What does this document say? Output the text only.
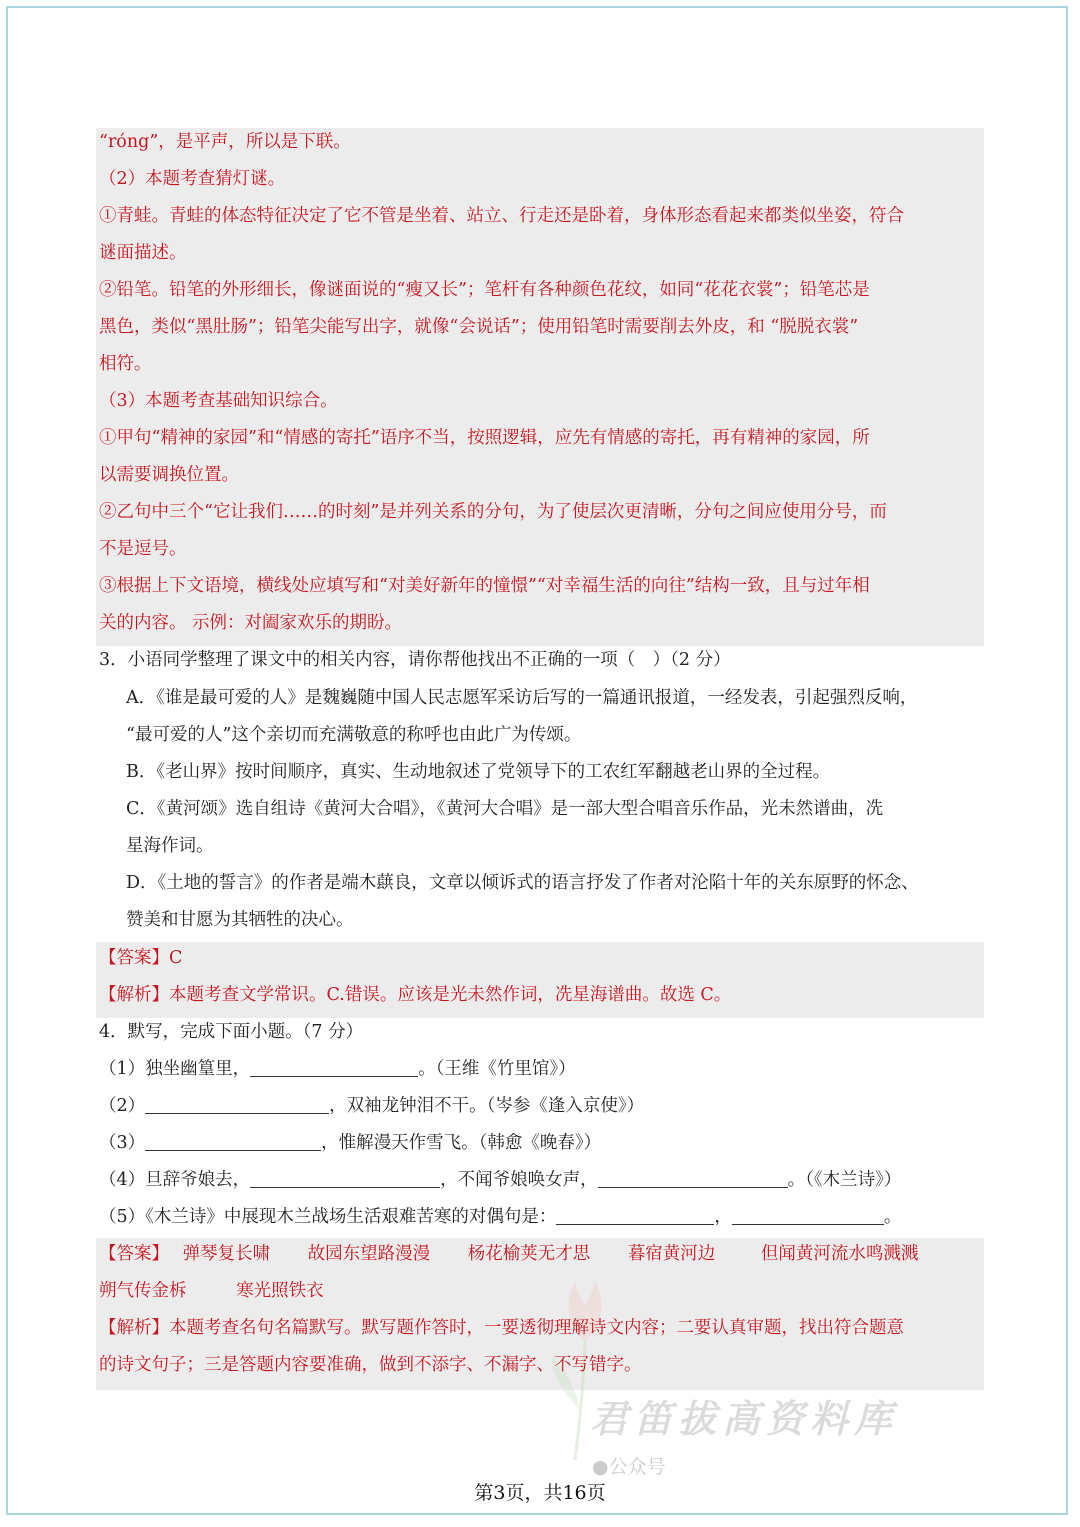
“róng”，是平声，所以是下联。
（2）本题考查猜灯谜。
①青蛙。青蛙的体态特征决定了它不管是坐着、站立、行走还是卧着，身体形态看起来都类似坐姿，符合
谜面描述。
②铅笔。铅笔的外形细长，像谜面说的“瘦又长”；笔杆有各种颜色花纹，如同“花花衣裳”；铅笔芯是
黑色，类似“黑肚肠”；铅笔尖能写出字，就像“会说话”；使用铅笔时需要削去外皮，和 “脱脱衣裳”
相符。
（3）本题考查基础知识综合。
①甲句“精神的家园”和“情感的寄托”语序不当，按照逻辑，应先有情感的寄托，再有精神的家园，所
以需要调换位置。
②乙句中三个“它让我们……的时刻”是并列关系的分句，为了使层次更清晰，分句之间应使用分号，而
不是逗号。
③根据上下文语境，横线处应填写和“对美好新年的憧憬”“对幸福生活的向往”结构一致，且与过年相
关的内容。 示例：对阖家欢乐的期盼。
3．小语同学整理了课文中的相关内容，请你帮他找出不正确的一项（　）（2 分）
A．《谁是最可爱的人》是魏巍随中国人民志愿军采访后写的一篇通讯报道，一经发表，引起强烈反响，
“最可爱的人”这个亲切而充满敬意的称呼也由此广为传颂。
B．《老山界》按时间顺序，真实、生动地叙述了党领导下的工农红军翻越老山界的全过程。
C．《黄河颂》选自组诗《黄河大合唱》，《黄河大合唱》是一部大型合唱音乐作品，光未然谱曲，冼
星海作词。
D．《土地的誓言》的作者是端木蕻良，文章以倾诉式的语言抒发了作者对沦陷十年的关东原野的怀念、
赞美和甘愿为其牺牲的决心。
【答案】C
【解析】本题考查文学常识。C.错误。应该是光未然作词，冼星海谱曲。故选 C。
4．默写，完成下面小题。（7 分）
（1）独坐幽篁里，	。（王维《竹里馆》）
（2）	，双袖龙钟泪不干。（岑参《逢入京使》）
（3）	，惟解漫天作雪飞。（韩愈《晚春》）
（4）旦辞爷娘去，	，不闻爷娘唤女声，	。（《木兰诗》）
（5）《木兰诗》中展现木兰战场生活艰难苦寒的对偶句是：	，	。
【答案】 弹琴复长啸 故园东望路漫漫 杨花榆荚无才思 暮宿黄河边	但闻黄河流水鸣溅溅
朔气传金柝	寒光照铁衣
【解析】本题考查名句名篇默写。默写题作答时，一要透彻理解诗文内容；二要认真审题，找出符合题意
的诗文句子；三是答题内容要准确，做到不添字、不漏字、不写错字。
君笛拔高资料库
●公众号
第3页，共16页
